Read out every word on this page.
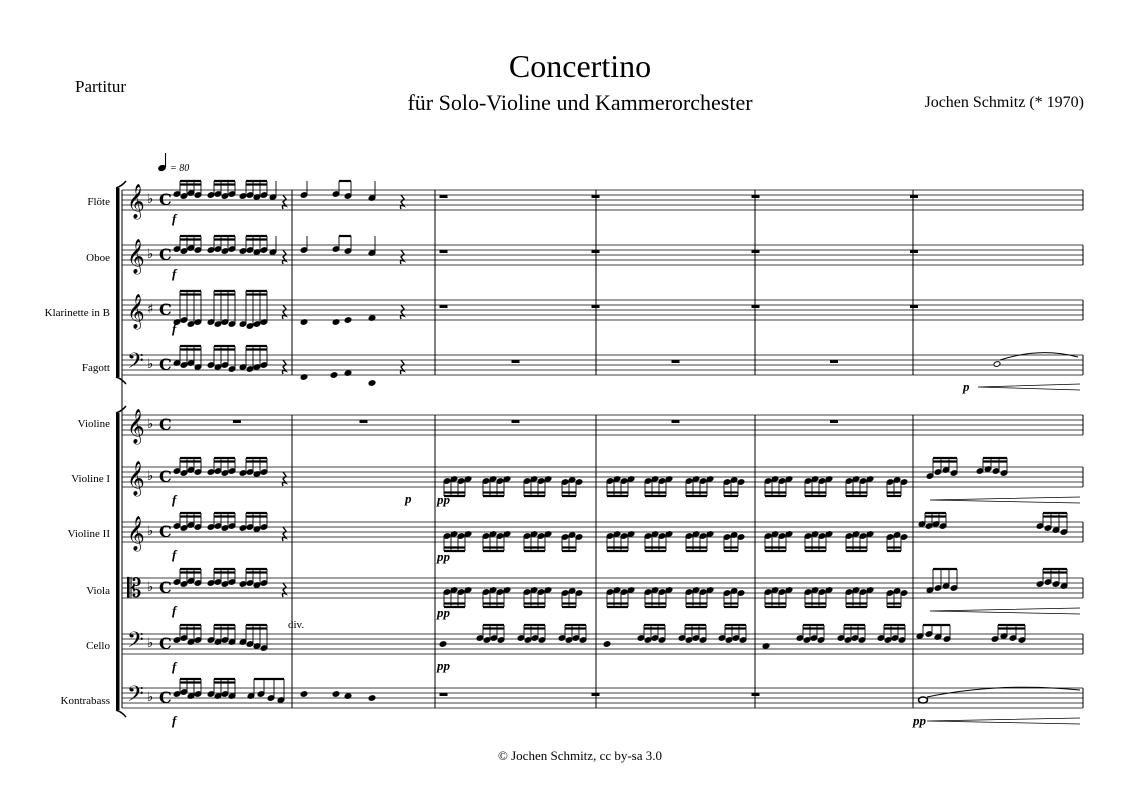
Partitur
Concertino
für Solo-Violine und Kammerorchester	Jochen Schmitz (* 1970)
Flöte
Oboe
Klarinette in B
Fagott
Violine
Violine I
Violine II
Viola
Cello
Kontrabass
= 80
𝄞 ♭ C
𝄞 ♭ C
𝄞 ♯ C
𝄢 ♭ C
𝄞 ♭ C
𝄞 ♭ C
𝄞 ♭ C
𝄡 ♭ C
𝄢 ♭ C
𝄢 ♭ C
f
f
f
f
f
f
f
f
p
p pp
pp
pp
pp
pp
div.
© Jochen Schmitz, cc by-sa 3.0
